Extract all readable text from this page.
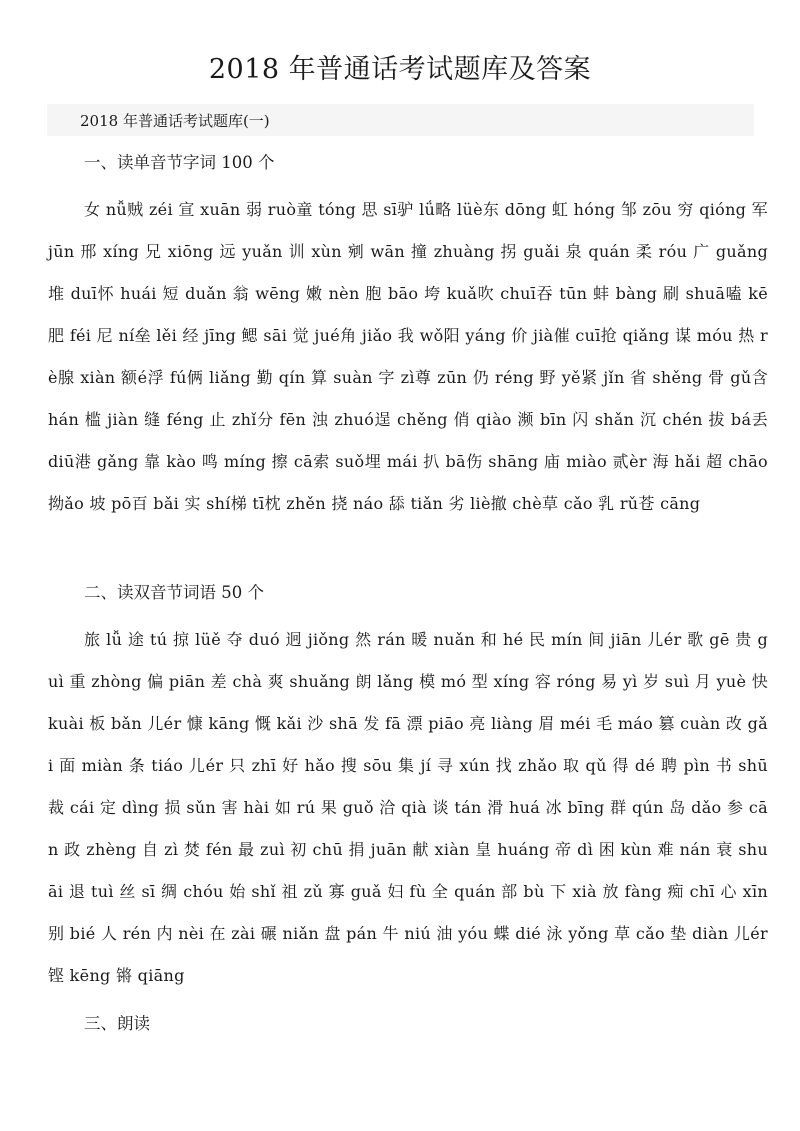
2018 年普通话考试题库及答案

2018 年普通话考试题库(一)

一、读单音节字词 100 个

女 nǚ贼 zéi 宣 xuān 弱 ruò童 tóng 思 sī驴 lǘ略 lüè东 dōng 虹 hóng 邹 zōu 穷 qióng 军 jūn 邢 xíng 兄 xiōng 远 yuǎn 训 xùn 剜 wān 撞 zhuàng 拐 guǎi 泉 quán 柔 róu 广 guǎng 堆 duī怀 huái 短 duǎn 翁 wēng 嫩 nèn 胞 bāo 垮 kuǎ吹 chuī吞 tūn 蚌 bàng 刷 shuā嗑 kē 肥 féi 尼 ní垒 lěi 经 jīng 鳃 sāi 觉 jué角 jiǎo 我 wǒ阳 yáng 价 jià催 cuī抢 qiǎng 谋 móu 热 rè腺 xiàn 额é浮 fú俩 liǎng 勤 qín 算 suàn 字 zì尊 zūn 仍 réng 野 yě紧 jǐn 省 shěng 骨 gǔ含 hán 槛 jiàn 缝 féng 止 zhǐ分 fēn 浊 zhuó逞 chěng 俏 qiào 濒 bīn 闪 shǎn 沉 chén 拔 bá丢 diū港 gǎng 靠 kào 鸣 míng 擦 cā索 suǒ埋 mái 扒 bā伤 shāng 庙 miào 贰èr 海 hǎi 超 chāo 拗ǎo 坡 pō百 bǎi 实 shí梯 tī枕 zhěn 挠 náo 舔 tiǎn 劣 liè撤 chè草 cǎo 乳 rǔ苍 cāng

二、读双音节词语 50 个

旅 lǚ 途 tú 掠 lüě 夺 duó 迥 jiǒng 然 rán 暖 nuǎn 和 hé 民 mín 间 jiān 儿ér 歌 gē 贵 guì 重 zhòng 偏 piān 差 chà 爽 shuǎng 朗 lǎng 模 mó 型 xíng 容 róng 易 yì 岁 suì 月 yuè 快 kuài 板 bǎn 儿ér 慷 kāng 慨 kǎi 沙 shā 发 fā 漂 piāo 亮 liàng 眉 méi 毛 máo 篡 cuàn 改 gǎi 面 miàn 条 tiáo 儿ér 只 zhī 好 hǎo 搜 sōu 集 jí 寻 xún 找 zhǎo 取 qǔ 得 dé 聘 pìn 书 shū 裁 cái 定 dìng 损 sǔn 害 hài 如 rú 果 guǒ 洽 qià 谈 tán 滑 huá 冰 bīng 群 qún 岛 dǎo 参 cān 政 zhèng 自 zì 焚 fén 最 zuì 初 chū 捐 juān 献 xiàn 皇 huáng 帝 dì 困 kùn 难 nán 衰 shuāi 退 tuì 丝 sī 绸 chóu 始 shǐ 祖 zǔ 寡 guǎ 妇 fù 全 quán 部 bù 下 xià 放 fàng 痴 chī 心 xīn 别 bié 人 rén 内 nèi 在 zài 碾 niǎn 盘 pán 牛 niú 油 yóu 蝶 dié 泳 yǒng 草 cǎo 垫 diàn 儿ér 铿 kēng 锵 qiāng

三、朗读
